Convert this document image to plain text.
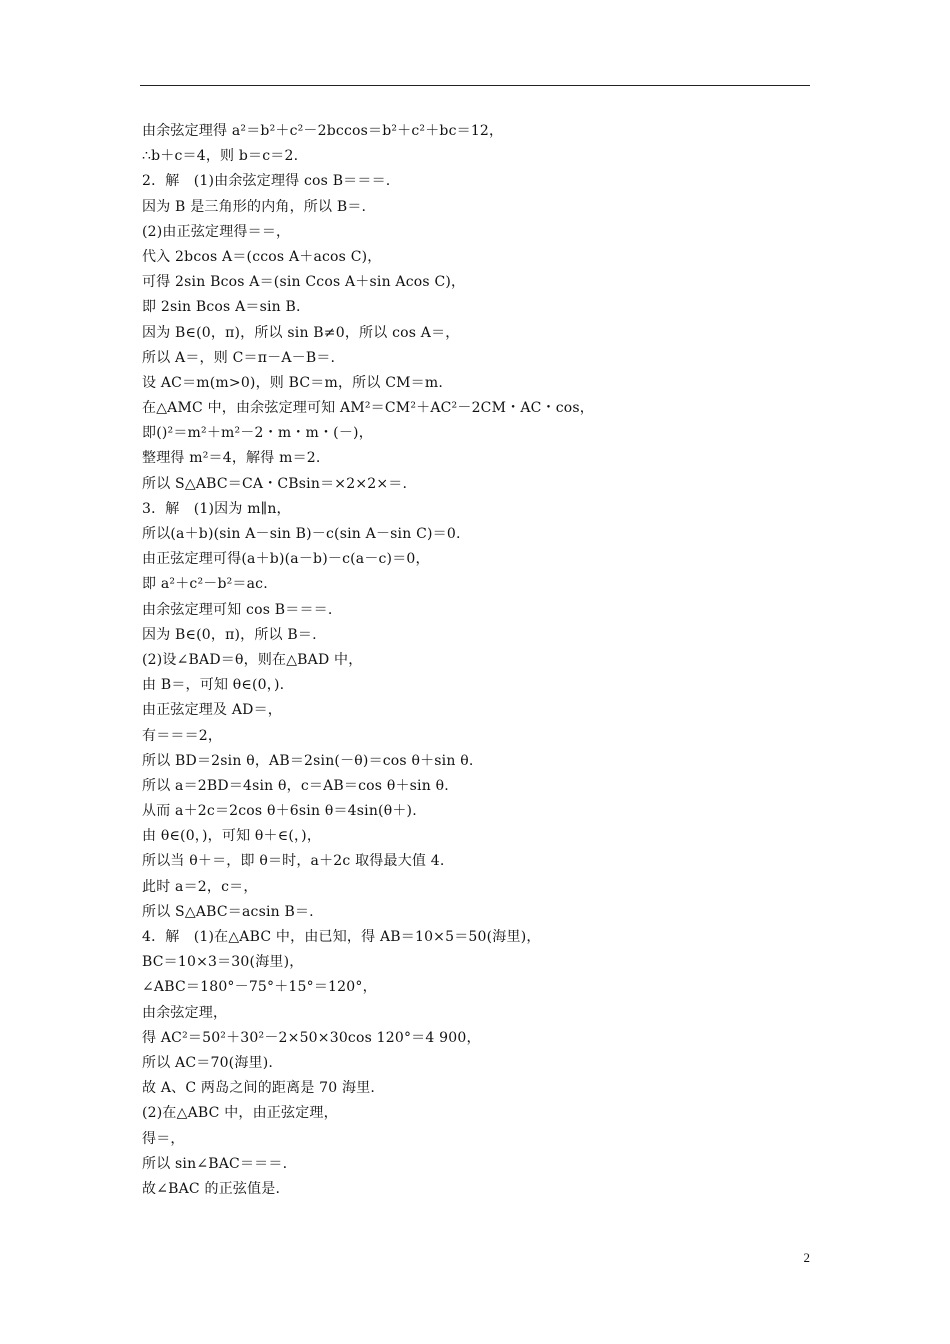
由余弦定理得 a²＝b²＋c²－2bccos＝b²＋c²＋bc＝12，
∴b＋c＝4，则 b＝c＝2.
2．解　(1)由余弦定理得 cos B＝＝＝.
因为 B 是三角形的内角，所以 B＝.
(2)由正弦定理得＝＝，
代入 2bcos A＝(ccos A＋acos C)，
可得 2sin Bcos A＝(sin Ccos A＋sin Acos C)，
即 2sin Bcos A＝sin B.
因为 B∈(0，π)，所以 sin B≠0，所以 cos A＝，
所以 A＝，则 C＝π－A－B＝.
设 AC＝m(m>0)，则 BC＝m，所以 CM＝m.
在△AMC 中，由余弦定理可知 AM²＝CM²＋AC²－2CM・AC・cos，
即()²＝m²＋m²－2・m・m・(－)，
整理得 m²＝4，解得 m＝2.
所以 S△ABC＝CA・CBsin＝×2×2×＝.
3．解　(1)因为 m∥n，
所以(a＋b)(sin A－sin B)－c(sin A－sin C)＝0.
由正弦定理可得(a＋b)(a－b)－c(a－c)＝0，
即 a²＋c²－b²＝ac.
由余弦定理可知 cos B＝＝＝.
因为 B∈(0，π)，所以 B＝.
(2)设∠BAD＝θ，则在△BAD 中，
由 B＝，可知 θ∈(0，).
由正弦定理及 AD＝，
有＝＝＝2，
所以 BD＝2sin θ，AB＝2sin(－θ)＝cos θ＋sin θ.
所以 a＝2BD＝4sin θ，c＝AB＝cos θ＋sin θ.
从而 a＋2c＝2cos θ＋6sin θ＝4sin(θ＋).
由 θ∈(0，)，可知 θ＋∈(，)，
所以当 θ＋＝，即 θ＝时，a＋2c 取得最大值 4.
此时 a＝2，c＝，
所以 S△ABC＝acsin B＝.
4．解　(1)在△ABC 中，由已知，得 AB＝10×5＝50(海里)，
BC＝10×3＝30(海里)，
∠ABC＝180°－75°＋15°＝120°，
由余弦定理，
得 AC²＝50²＋30²－2×50×30cos 120°＝4 900，
所以 AC＝70(海里).
故 A、C 两岛之间的距离是 70 海里.
(2)在△ABC 中，由正弦定理，
得＝，
所以 sin∠BAC＝＝＝.
故∠BAC 的正弦值是.
2
